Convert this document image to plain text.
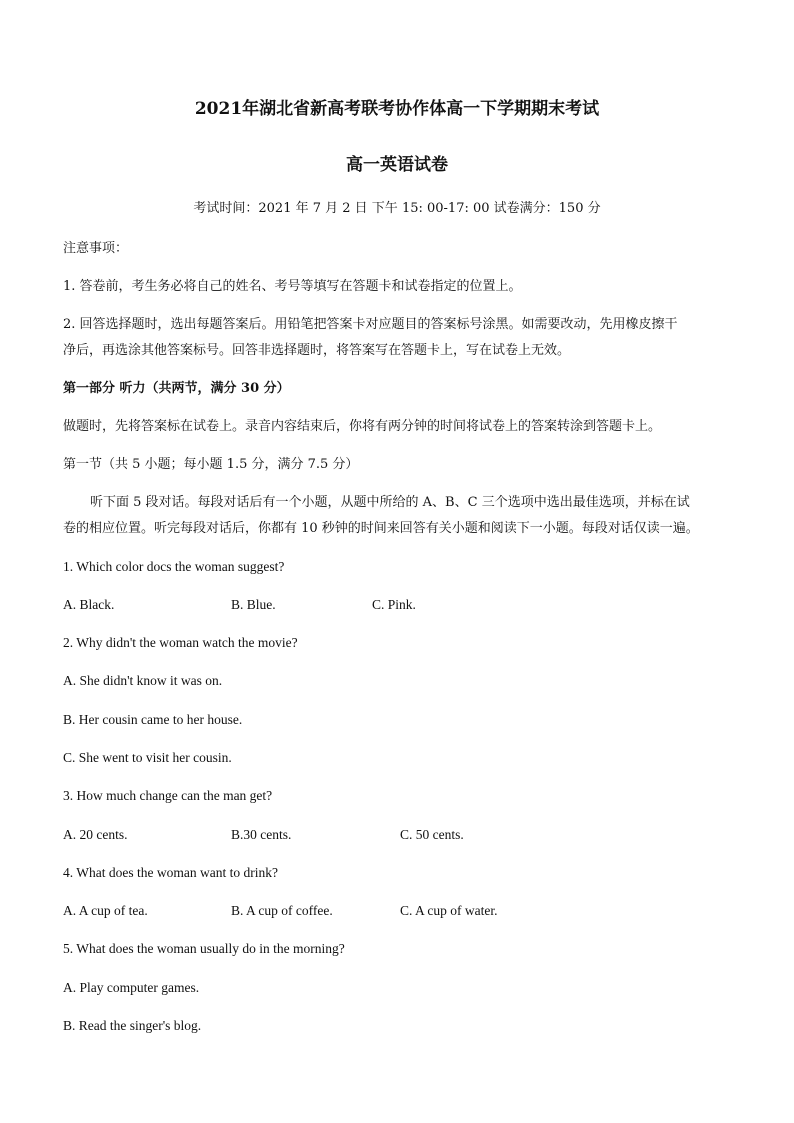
2021年湖北省新高考联考协作体高一下学期期末考试
高一英语试卷
考试时间：2021 年 7 月 2 日 下午 15: 00-17: 00 试卷满分：150 分
注意事项：
1. 答卷前，考生务必将自己的姓名、考号等填写在答题卡和试卷指定的位置上。
2. 回答选择题时，选出每题答案后。用铅笔把答案卡对应题目的答案标号涂黑。如需要改动，先用橡皮擦干
净后，再选涂其他答案标号。回答非选择题时，将答案写在答题卡上，写在试卷上无效。
第一部分 听力（共两节，满分 30 分）
做题时，先将答案标在试卷上。录音内容结束后，你将有两分钟的时间将试卷上的答案转涂到答题卡上。
第一节（共 5 小题；每小题 1.5 分，满分 7.5 分）
听下面 5 段对话。每段对话后有一个小题，从题中所给的 A、B、C 三个选项中选出最佳选项，并标在试
卷的相应位置。听完每段对话后，你都有 10 秒钟的时间来回答有关小题和阅读下一小题。每段对话仅读一遍。
1. Which color docs the woman suggest?
A. Black.	B. Blue.	C. Pink.
2. Why didn't the woman watch the movie?
A. She didn't know it was on.
B. Her cousin came to her house.
C. She went to visit her cousin.
3. How much change can the man get?
A. 20 cents.	B.30 cents.	C. 50 cents.
4. What does the woman want to drink?
A. A cup of tea.	B. A cup of coffee.	C. A cup of water.
5. What does the woman usually do in the morning?
A. Play computer games.
B. Read the singer's blog.
